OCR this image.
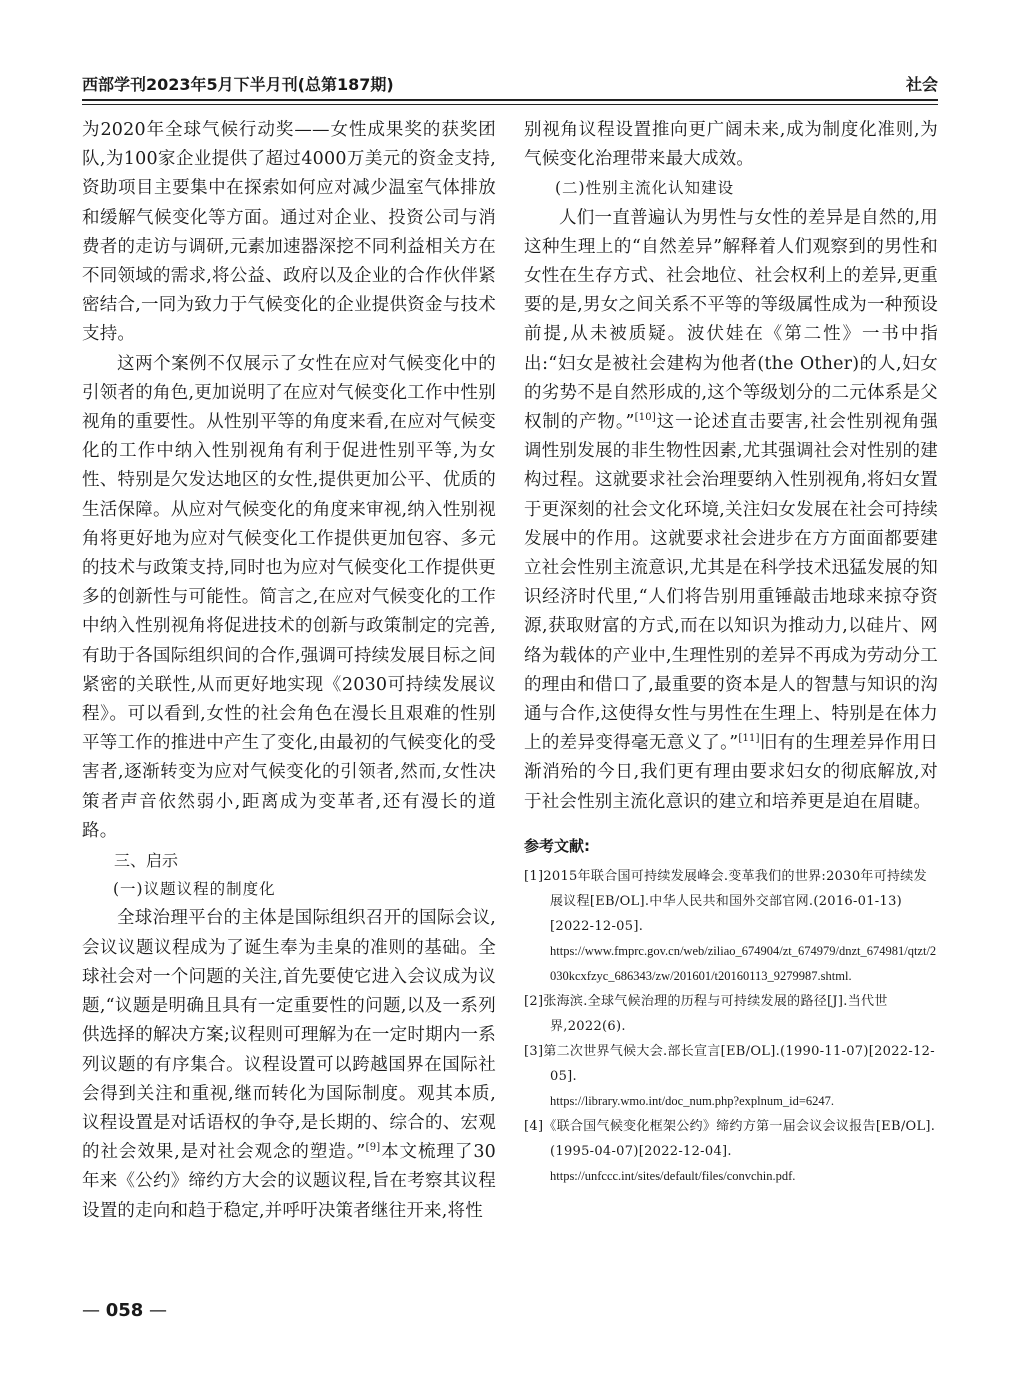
西部学刊2023年5月下半月刊(总第187期)	社会

为2020年全球气候行动奖——女性成果奖的获奖团队,为100家企业提供了超过4000万美元的资金支持,资助项目主要集中在探索如何应对减少温室气体排放和缓解气候变化等方面。通过对企业、投资公司与消费者的走访与调研,元素加速器深挖不同利益相关方在不同领域的需求,将公益、政府以及企业的合作伙伴紧密结合,一同为致力于气候变化的企业提供资金与技术支持。

这两个案例不仅展示了女性在应对气候变化中的引领者的角色,更加说明了在应对气候变化工作中性别视角的重要性。从性别平等的角度来看,在应对气候变化的工作中纳入性别视角有利于促进性别平等,为女性、特别是欠发达地区的女性,提供更加公平、优质的生活保障。从应对气候变化的角度来审视,纳入性别视角将更好地为应对气候变化工作提供更加包容、多元的技术与政策支持,同时也为应对气候变化工作提供更多的创新性与可能性。简言之,在应对气候变化的工作中纳入性别视角将促进技术的创新与政策制定的完善,有助于各国际组织间的合作,强调可持续发展目标之间紧密的关联性,从而更好地实现《2030可持续发展议程》。可以看到,女性的社会角色在漫长且艰难的性别平等工作的推进中产生了变化,由最初的气候变化的受害者,逐渐转变为应对气候变化的引领者,然而,女性决策者声音依然弱小,距离成为变革者,还有漫长的道路。

三、启示

(一)议题议程的制度化

全球治理平台的主体是国际组织召开的国际会议,会议议题议程成为了诞生奉为圭臬的准则的基础。全球社会对一个问题的关注,首先要使它进入会议成为议题,“议题是明确且具有一定重要性的问题,以及一系列供选择的解决方案;议程则可理解为在一定时期内一系列议题的有序集合。议程设置可以跨越国界在国际社会得到关注和重视,继而转化为国际制度。观其本质,议程设置是对话语权的争夺,是长期的、综合的、宏观的社会效果,是对社会观念的塑造。”[9]本文梳理了30年来《公约》缔约方大会的议题议程,旨在考察其议程设置的走向和趋于稳定,并呼吁决策者继往开来,将性

别视角议程设置推向更广阔未来,成为制度化准则,为气候变化治理带来最大成效。

(二)性别主流化认知建设

人们一直普遍认为男性与女性的差异是自然的,用这种生理上的“自然差异”解释着人们观察到的男性和女性在生存方式、社会地位、社会权利上的差异,更重要的是,男女之间关系不平等的等级属性成为一种预设前提,从未被质疑。波伏娃在《第二性》一书中指出:“妇女是被社会建构为他者(the Other)的人,妇女的劣势不是自然形成的,这个等级划分的二元体系是父权制的产物。”[10]这一论述直击要害,社会性别视角强调性别发展的非生物性因素,尤其强调社会对性别的建构过程。这就要求社会治理要纳入性别视角,将妇女置于更深刻的社会文化环境,关注妇女发展在社会可持续发展中的作用。这就要求社会进步在方方面面都要建立社会性别主流意识,尤其是在科学技术迅猛发展的知识经济时代里,“人们将告别用重锤敲击地球来掠夺资源,获取财富的方式,而在以知识为推动力,以硅片、网络为载体的产业中,生理性别的差异不再成为劳动分工的理由和借口了,最重要的资本是人的智慧与知识的沟通与合作,这使得女性与男性在生理上、特别是在体力上的差异变得毫无意义了。”[11]旧有的生理差异作用日渐消殆的今日,我们更有理由要求妇女的彻底解放,对于社会性别主流化意识的建立和培养更是迫在眉睫。

参考文献:

[1]2015年联合国可持续发展峰会.变革我们的世界:2030年可持续发展议程[EB/OL].中华人民共和国外交部官网.(2016-01-13)[2022-12-05].
https://www.fmprc.gov.cn/web/ziliao_674904/zt_674979/dnzt_674981/qtzt/2030kcxfzyc_686343/zw/201601/t20160113_9279987.shtml.

[2]张海滨.全球气候治理的历程与可持续发展的路径[J].当代世界,2022(6).

[3]第二次世界气候大会.部长宣言[EB/OL].(1990-11-07)[2022-12-05].
https://library.wmo.int/doc_num.php?explnum_id=6247.

[4]《联合国气候变化框架公约》缔约方第一届会议会议报告[EB/OL].(1995-04-07)[2022-12-04].
https://unfccc.int/sites/default/files/convchin.pdf.

— 058 —
